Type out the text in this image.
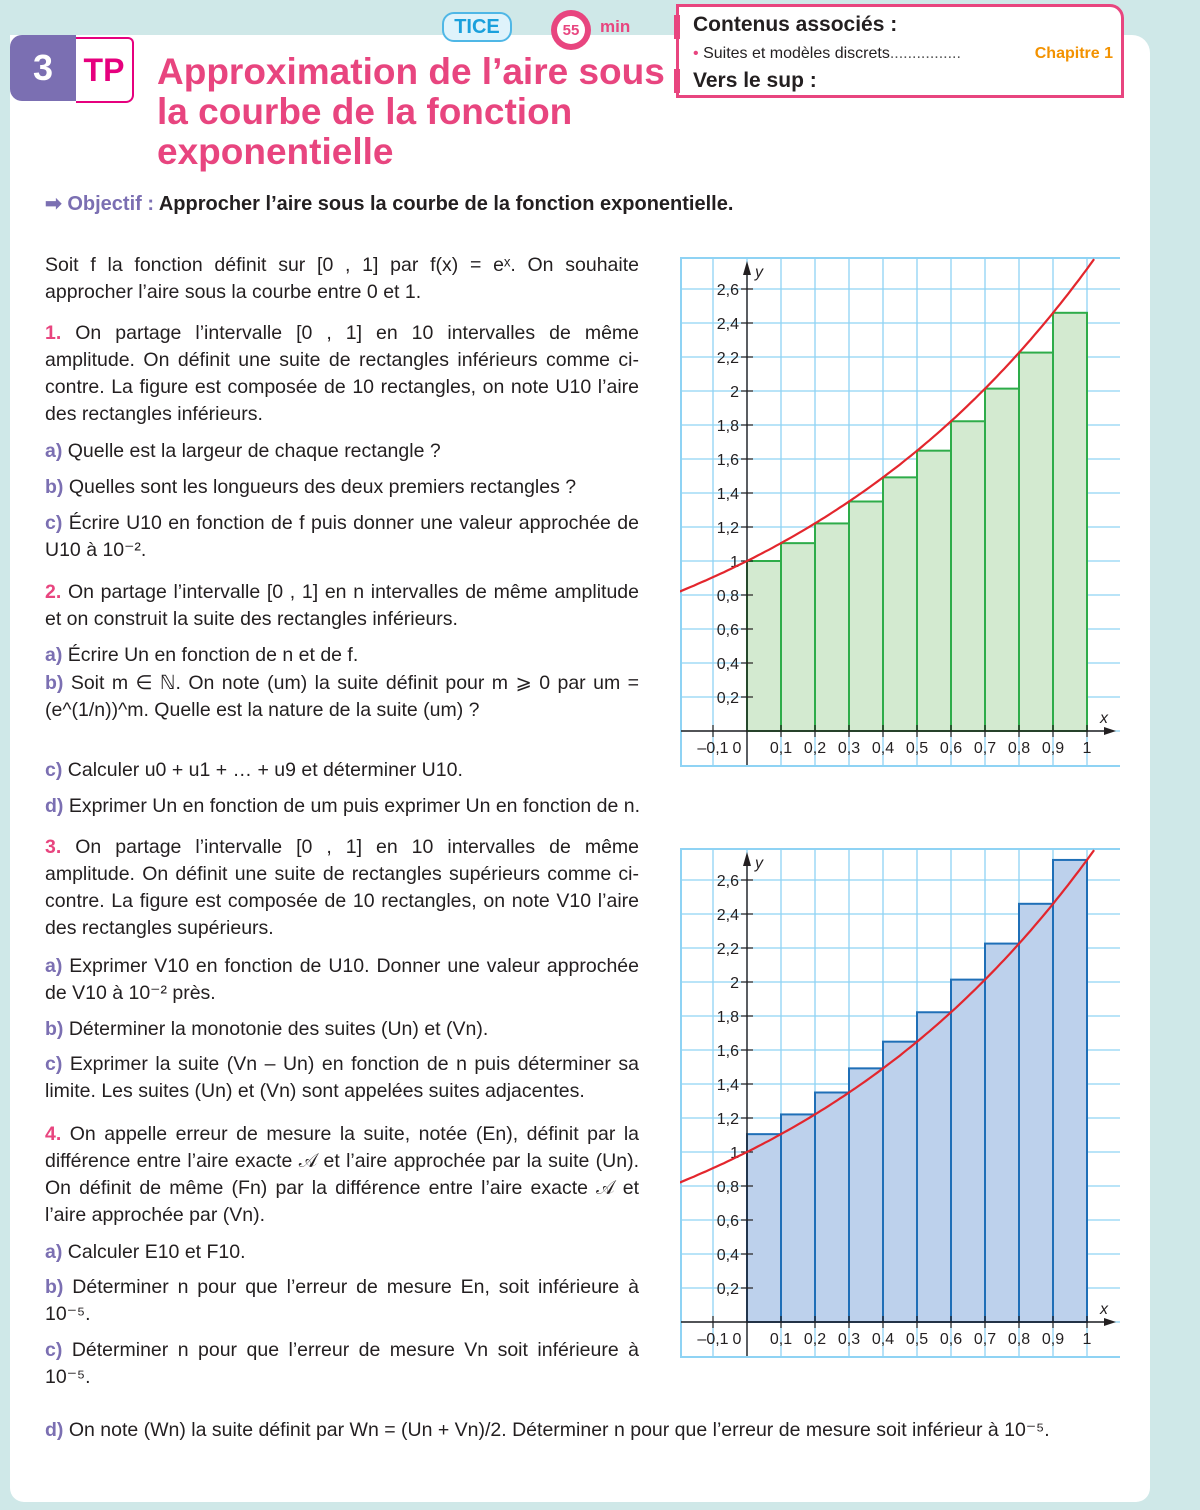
3 TP Approximation de l’aire sous la courbe de la fonction exponentielle
TICE	55	min	Contenus associés :
• Suites et modèles discrets................	Chapitre 1
Vers le sup :
➡ Objectif : Approcher l’aire sous la courbe de la fonction exponentielle.
Soit f la fonction définit sur [0 , 1] par f(x) = eˣ. On souhaite approcher l’aire sous la courbe entre 0 et 1.
1. On partage l’intervalle [0 , 1] en 10 intervalles de même amplitude. On définit une suite de rectangles inférieurs comme ci-contre. La figure est composée de 10 rectangles, on note U10 l’aire des rectangles inférieurs.
a) Quelle est la largeur de chaque rectangle ?
b) Quelles sont les longueurs des deux premiers rectangles ?
c) Écrire U10 en fonction de f puis donner une valeur approchée de U10 à 10⁻².
2. On partage l’intervalle [0 , 1] en n intervalles de même amplitude et on construit la suite des rectangles inférieurs.
a) Écrire Un en fonction de n et de f.
b) Soit m ∈ ℕ. On note (um) la suite définit pour m ⩾ 0 par um = (e^(1/n))^m. Quelle est la nature de la suite (um) ?
c) Calculer u0 + u1 + … + u9 et déterminer U10.
d) Exprimer Un en fonction de um puis exprimer Un en fonction de n.
3. On partage l’intervalle [0 , 1] en 10 intervalles de même amplitude. On définit une suite de rectangles supérieurs comme ci-contre. La figure est composée de 10 rectangles, on note V10 l’aire des rectangles supérieurs.
a) Exprimer V10 en fonction de U10. Donner une valeur approchée de V10 à 10⁻² près.
b) Déterminer la monotonie des suites (Un) et (Vn).
c) Exprimer la suite (Vn – Un) en fonction de n puis déterminer sa limite. Les suites (Un) et (Vn) sont appelées suites adjacentes.
4. On appelle erreur de mesure la suite, notée (En), définit par la différence entre l’aire exacte 𝒜 et l’aire approchée par la suite (Un). On définit de même (Fn) par la différence entre l’aire exacte 𝒜 et l’aire approchée par (Vn).
a) Calculer E10 et F10.
b) Déterminer n pour que l’erreur de mesure En, soit inférieure à 10⁻⁵.
c) Déterminer n pour que l’erreur de mesure Vn soit inférieure à 10⁻⁵.
d) On note (Wn) la suite définit par Wn = (Un + Vn)/2. Déterminer n pour que l’erreur de mesure soit inférieur à 10⁻⁵.
x
y
0,2
0,4
0,6
0,8
1
1,2
1,4
1,6
1,8
2
2,2
2,4
2,6
–0,1 0 0,1 0,2 0,3 0,4 0,5 0,6 0,7 0,8 0,9 1
x
y
0,2
0,4
0,6
0,8
1
1,2
1,4
1,6
1,8
2
2,2
2,4
2,6
–0,1 0 0,1 0,2 0,3 0,4 0,5 0,6 0,7 0,8 0,9 1
